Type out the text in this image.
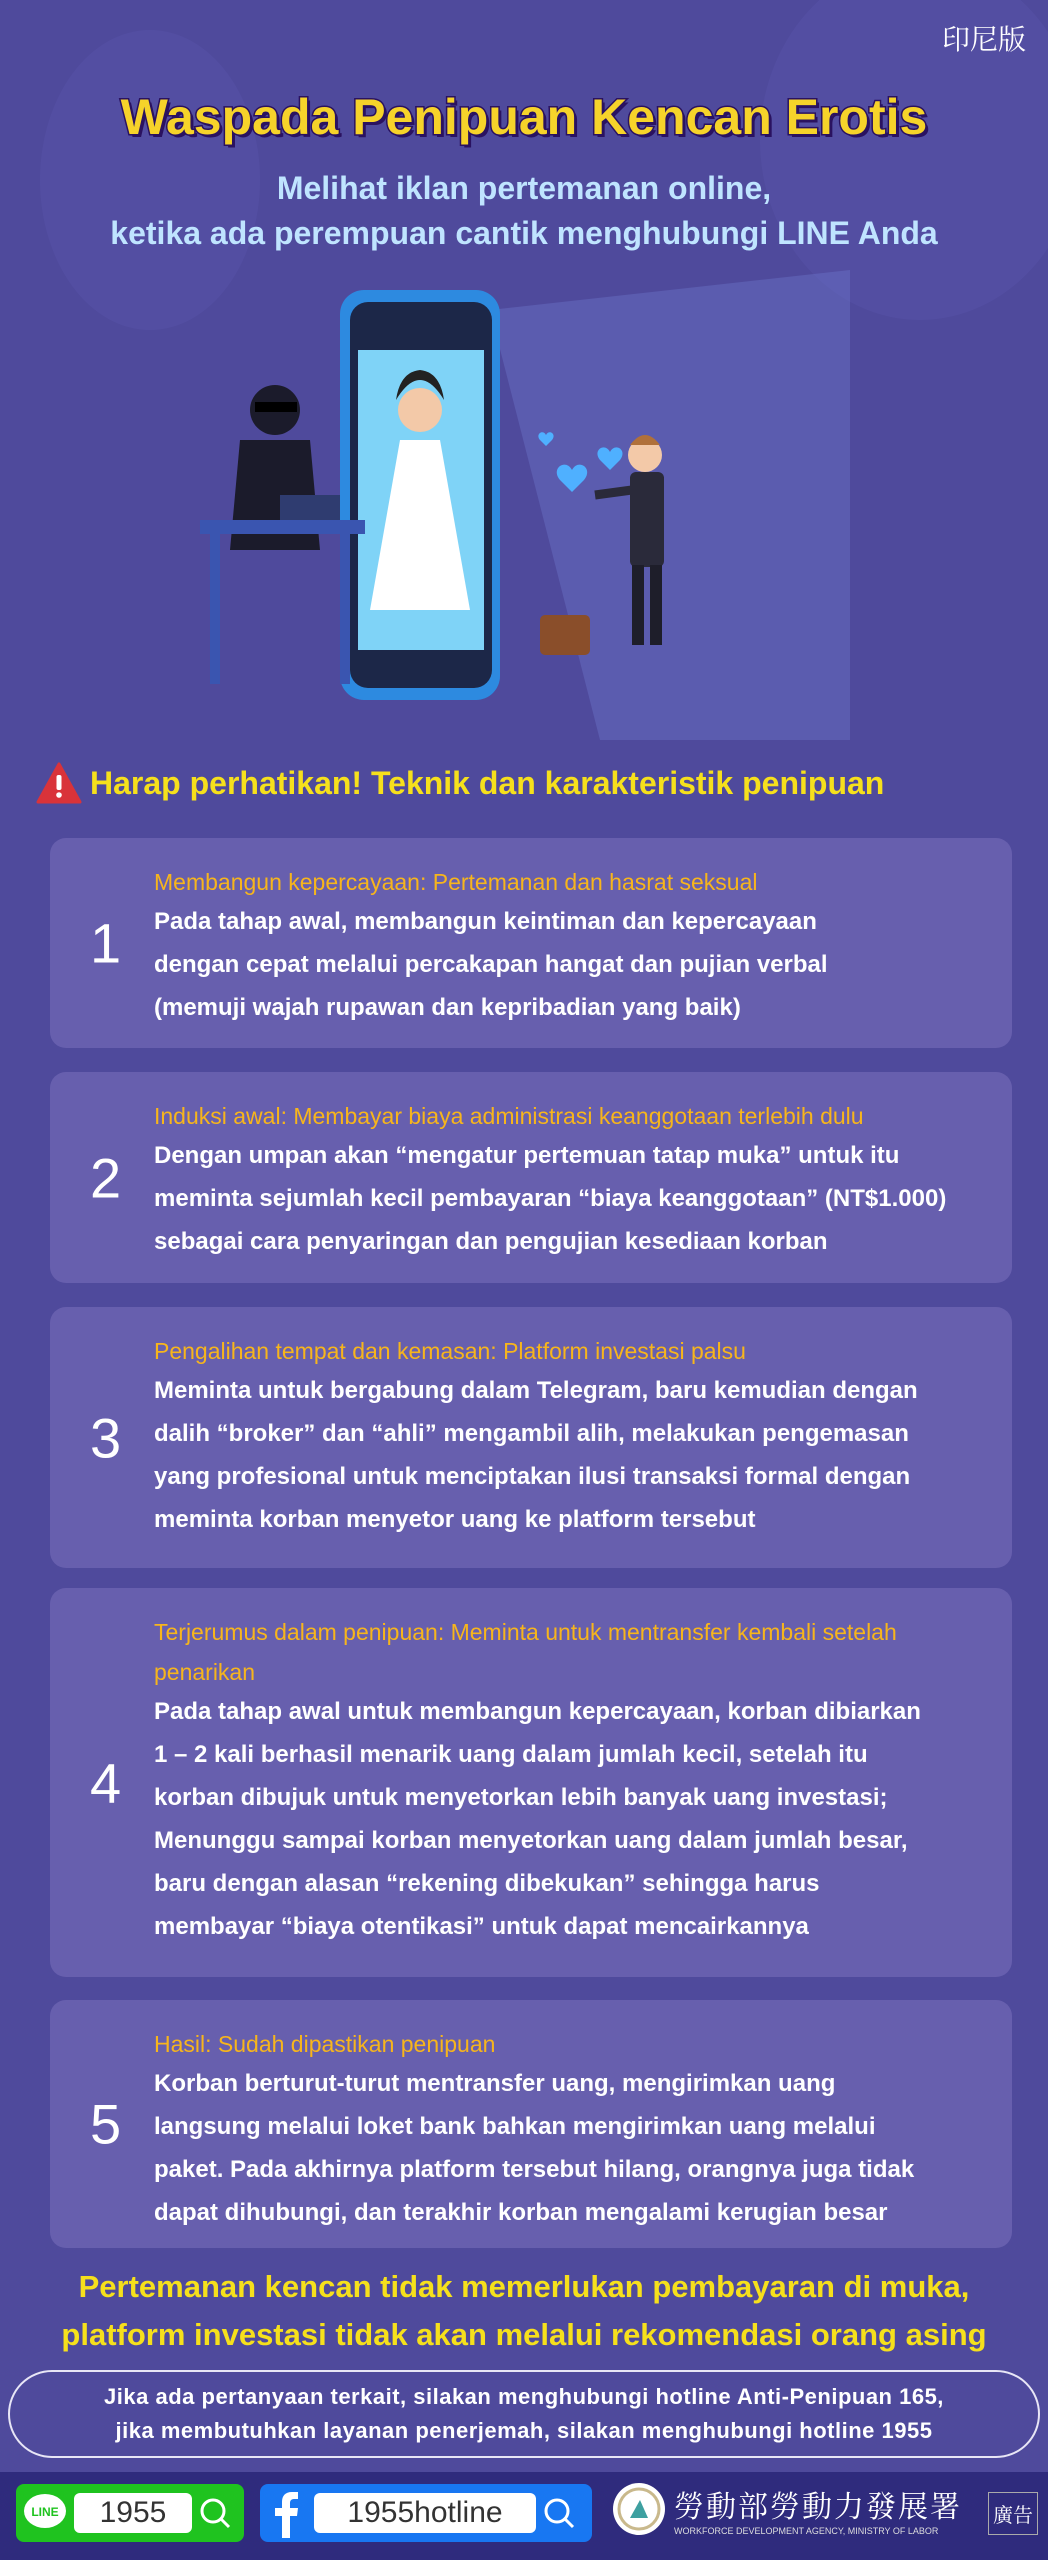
印尼版
Waspada Penipuan Kencan Erotis
Melihat iklan pertemanan online,
ketika ada perempuan cantik menghubungi LINE Anda
Harap perhatikan! Teknik dan karakteristik penipuan
1
Membangun kepercayaan: Pertemanan dan hasrat seksual
Pada tahap awal, membangun keintiman dan kepercayaan
dengan cepat melalui percakapan hangat dan pujian verbal
(memuji wajah rupawan dan kepribadian yang baik)
2
Induksi awal: Membayar biaya administrasi keanggotaan terlebih dulu
Dengan umpan akan “mengatur pertemuan tatap muka” untuk itu
meminta sejumlah kecil pembayaran “biaya keanggotaan” (NT$1.000)
sebagai cara penyaringan dan pengujian kesediaan korban
3
Pengalihan tempat dan kemasan: Platform investasi palsu
Meminta untuk bergabung dalam Telegram, baru kemudian dengan
dalih “broker” dan “ahli” mengambil alih, melakukan pengemasan
yang profesional untuk menciptakan ilusi transaksi formal dengan
meminta korban menyetor uang ke platform tersebut
4
Terjerumus dalam penipuan: Meminta untuk mentransfer kembali setelah penarikan
Pada tahap awal untuk membangun kepercayaan, korban dibiarkan
1 – 2 kali berhasil menarik uang dalam jumlah kecil, setelah itu
korban dibujuk untuk menyetorkan lebih banyak uang investasi;
Menunggu sampai korban menyetorkan uang dalam jumlah besar,
baru dengan alasan “rekening dibekukan” sehingga harus
membayar “biaya otentikasi” untuk dapat mencairkannya
5
Hasil: Sudah dipastikan penipuan
Korban berturut-turut mentransfer uang, mengirimkan uang
langsung melalui loket bank bahkan mengirimkan uang melalui
paket. Pada akhirnya platform tersebut hilang, orangnya juga tidak
dapat dihubungi, dan terakhir korban mengalami kerugian besar
Pertemanan kencan tidak memerlukan pembayaran di muka,
platform investasi tidak akan melalui rekomendasi orang asing
Jika ada pertanyaan terkait, silakan menghubungi hotline Anti-Penipuan 165,
jika membutuhkan layanan penerjemah, silakan menghubungi hotline 1955
LINE	1955	1955hotline	勞動部勞動力發展署
WORKFORCE DEVELOPMENT AGENCY, MINISTRY OF LABOR
廣告
